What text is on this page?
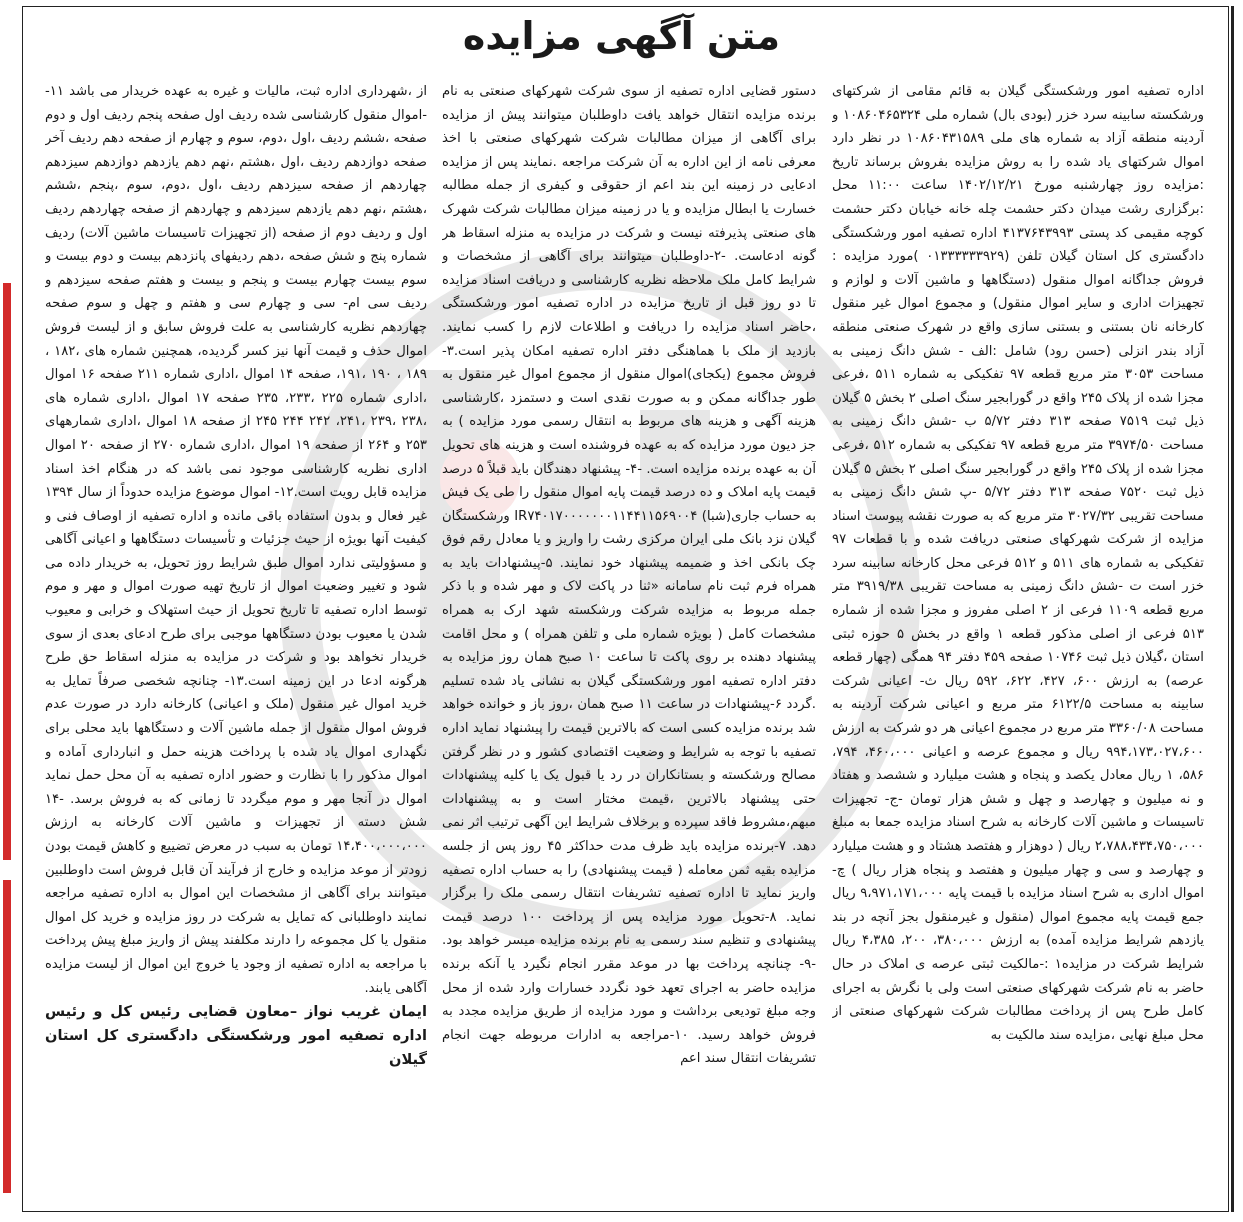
متن آگهی مزایده

اداره تصفیه امور ورشکستگی گیلان به قائم مقامی از شرکتهای ورشکسته سابینه سرد خزر (بودی بال) شماره ملی ۱۰۸۶۰۴۶۵۳۲۴ و آردینه منطقه آزاد به شماره های ملی ۱۰۸۶۰۴۳۱۵۸۹ در نظر دارد اموال شرکتهای یاد شده را به روش مزایده بفروش برساند تاریخ :مزایده روز چهارشنبه مورخ ۱۴۰۲/۱۲/۲۱ ساعت ۱۱:۰۰ محل :برگزاری رشت میدان دکتر حشمت چله خانه خیابان دکتر حشمت کوچه مقیمی کد پستی ۴۱۳۷۶۴۳۹۹۳ اداره تصفیه امور ورشکستگی دادگستری کل استان گیلان تلفن (۰۱۳۳۳۳۳۳۹۲۹ )مورد مزایده : فروش جداگانه اموال منقول (دستگاهها و ماشین آلات و لوازم و تجهیزات اداری و سایر اموال منقول) و مجموع اموال غیر منقول کارخانه نان بستنی و بستنی سازی واقع در شهرک صنعتی منطقه آزاد بندر انزلی (حسن رود) شامل :الف - شش دانگ زمینی به مساحت ۳۰۵۳ متر مربع قطعه ۹۷ تفکیکی به شماره ۵۱۱ ،فرعی مجزا شده از پلاک ۲۴۵ واقع در گورابجیر سنگ اصلی ۲ بخش ۵ گیلان ذیل ثبت ۷۵۱۹ صفحه ۳۱۳ دفتر ۵/۷۲ ب -شش دانگ زمینی به مساحت ۳۹۷۴/۵۰ متر مربع قطعه ۹۷ تفکیکی به شماره ۵۱۲ ،فرعی مجزا شده از پلاک ۲۴۵ واقع در گورابجیر سنگ اصلی ۲ بخش ۵ گیلان ذیل ثبت ۷۵۲۰ صفحه ۳۱۳ دفتر ۵/۷۲ -پ شش دانگ زمینی به مساحت تقریبی ۳۰۲۷/۳۲ متر مربع که به صورت نقشه پیوست اسناد مزایده از شرکت شهرکهای صنعتی دریافت شده و با قطعات ۹۷ تفکیکی به شماره های ۵۱۱ و ۵۱۲ فرعی محل کارخانه سابینه سرد خزر است ت -شش دانگ زمینی به مساحت تقریبی ۳۹۱۹/۳۸ متر مربع قطعه ۱۱۰۹ فرعی از ۲ اصلی مفروز و مجزا شده از شماره ۵۱۳ فرعی از اصلی مذکور قطعه ۱ واقع در بخش ۵ حوزه ثبتی استان ،گیلان ذیل ثبت ۱۰۷۴۶ صفحه ۴۵۹ دفتر ۹۴ همگی (چهار قطعه عرصه) به ارزش ۶۰۰، ۴۲۷، ۶۲۲، ۵۹۲ ریال ث- اعیانی شرکت سابینه به مساحت ۶۱۲۲/۵ متر مربع و اعیانی شرکت آردینه به مساحت ۳۳۶۰/۰۸ متر مربع در مجموع اعیانی هر دو شرکت به ارزش ۹۹۴،۱۷۳،۰۲۷،۶۰۰ ریال و مجموع عرصه و اعیانی ۴۶۰،۰۰۰، ۷۹۴، ۵۸۶، ۱ ریال معادل یکصد و پنجاه و هشت میلیارد و ششصد و هفتاد و نه میلیون و چهارصد و چهل و شش هزار تومان -ج- تجهیزات تاسیسات و ماشین آلات کارخانه به شرح اسناد مزایده جمعا به مبلغ ۲،۷۸۸،۴۳۴،۷۵۰،۰۰۰ ریال ( دوهزار و هفتصد هشتاد و و هشت میلیارد و چهارصد و سی و چهار میلیون و هفتصد و پنجاه هزار ریال ) چ- اموال اداری به شرح اسناد مزایده با قیمت پایه ۹،۹۷۱،۱۷۱،۰۰۰ ریال جمع قیمت پایه مجموع اموال (منقول و غیرمنقول بجز آنچه در بند یازدهم شرایط مزایده آمده) به ارزش ۳۸۰،۰۰۰، ۲۰۰، ۴،۳۸۵ ریال شرایط شرکت در مزایده۱ :-مالکیت ثبتی عرصه ی املاک در حال حاضر به نام شرکت شهرکهای صنعتی است ولی با نگرش به اجرای کامل طرح پس از پرداخت مطالبات شرکت شهرکهای صنعتی از محل مبلغ نهایی ،مزایده سند مالکیت به

دستور قضایی اداره تصفیه از سوی شرکت شهرکهای صنعتی به نام برنده مزایده انتقال خواهد یافت داوطلبان میتوانند پیش از مزایده برای آگاهی از میزان مطالبات شرکت شهرکهای صنعتی با اخذ معرفی نامه از این اداره به آن شرکت مراجعه .نمایند پس از مزایده ادعایی در زمینه این بند اعم از حقوقی و کیفری از جمله مطالبه خسارت یا ابطال مزایده و یا در زمینه میزان مطالبات شرکت شهرک های صنعتی پذیرفته نیست و شرکت در مزایده به منزله اسقاط هر گونه ادعاست. -۲-داوطلبان میتوانند برای آگاهی از مشخصات و شرایط کامل ملک ملاحظه نظریه کارشناسی و دریافت اسناد مزایده تا دو روز قبل از تاریخ مزایده در اداره تصفیه امور ورشکستگی ،حاضر اسناد مزایده را دریافت و اطلاعات لازم را کسب نمایند. بازدید از ملک با هماهنگی دفتر اداره تصفیه امکان پذیر است.۳- فروش مجموع (یکجای)اموال منقول از مجموع اموال غیر منقول به طور جداگانه ممکن و به صورت نقدی است و دستمزد ،کارشناسی هزینه آگهی و هزینه های مربوط به انتقال رسمی مورد مزایده ) به جز دیون مورد مزایده که به عهده فروشنده است و هزینه های تحویل آن به عهده برنده مزایده است. -۴- پیشنهاد دهندگان باید قبلاً ۵ درصد قیمت پایه املاک و ده درصد قیمت پایه اموال منقول را طی یک فیش به حساب جاری(شبا) IR۷۴۰۱۷۰۰۰۰۰۰۰۱۱۴۴۱۱۵۶۹۰۰۴ ورشکستگان گیلان نزد بانک ملی ایران مرکزی رشت را واریز و یا معادل رقم فوق چک بانکی اخذ و ضمیمه پیشنهاد خود نمایند. ۵-پیشنهادات باید به همراه فرم ثبت نام سامانه «ثنا در پاکت لاک و مهر شده و با ذکر جمله مربوط به مزایده شرکت ورشکسته شهد ارک به همراه مشخصات کامل ( بویژه شماره ملی و تلفن همراه ) و محل اقامت پیشنهاد دهنده بر روی پاکت تا ساعت ۱۰ صبح همان روز مزایده به دفتر اداره تصفیه امور ورشکستگی گیلان به نشانی یاد شده تسلیم .گردد ۶-پیشنهادات در ساعت ۱۱ صبح همان ،روز باز و خوانده خواهد شد برنده مزایده کسی است که بالاترین قیمت را پیشنهاد نماید اداره تصفیه با توجه به شرایط و وضعیت اقتصادی کشور و در نظر گرفتن مصالح ورشکسته و بستانکاران در رد یا قبول یک یا کلیه پیشنهادات حتی پیشنهاد بالاترین ،قیمت مختار است و به پیشنهادات مبهم،مشروط فاقد سپرده و برخلاف شرایط این آگهی ترتیب اثر نمی دهد. ۷-برنده مزایده باید ظرف مدت حداکثر ۴۵ روز پس از جلسه مزایده بقیه ثمن معامله ( قیمت پیشنهادی) را به حساب اداره تصفیه واریز نماید تا اداره تصفیه تشریفات انتقال رسمی ملک را برگزار نماید. ۸-تحویل مورد مزایده پس از پرداخت ۱۰۰ درصد قیمت پیشنهادی و تنظیم سند رسمی به نام برنده مزایده میسر خواهد بود. -۹- چنانچه پرداخت بها در موعد مقرر انجام نگیرد یا آنکه برنده مزایده حاضر به اجرای تعهد خود نگردد خسارات وارد شده از محل وجه مبلغ تودیعی برداشت و مورد مزایده از طریق مزایده مجدد به فروش خواهد رسید. ۱۰-مراجعه به ادارات مربوطه جهت انجام تشریفات انتقال سند اعم

از ،شهرداری اداره ثبت، مالیات و غیره به عهده خریدار می باشد ۱۱- -اموال منقول کارشناسی شده ردیف اول صفحه پنجم ردیف اول و دوم صفحه ،ششم ردیف ،اول ،دوم، سوم و چهارم از صفحه دهم ردیف آخر صفحه دوازدهم ردیف ،اول ،هشتم ،نهم دهم یازدهم دوازدهم سیزدهم چهاردهم از صفحه سیزدهم ردیف ،اول ،دوم، سوم ،پنجم ،ششم ،هشتم ،نهم دهم یازدهم سیزدهم و چهاردهم از صفحه چهاردهم ردیف اول و ردیف دوم از صفحه (از تجهیزات تاسیسات ماشین آلات) ردیف شماره پنج و شش صفحه ،دهم ردیفهای پانزدهم بیست و دوم بیست و سوم بیست چهارم بیست و پنجم و بیست و هفتم صفحه سیزدهم و ردیف سی ام- سی و چهارم سی و هفتم و چهل و سوم صفحه چهاردهم نظریه کارشناسی به علت فروش سابق و از لیست فروش اموال حذف و قیمت آنها نیز کسر گردیده، همچنین شماره های ،۱۸۲ ، ۱۸۹ ، ۱۹۰ ،۱۹۱، صفحه ۱۴ اموال ،اداری شماره ۲۱۱ صفحه ۱۶ اموال ،اداری شماره ۲۲۵ ،۲۳۳، ۲۳۵ صفحه ۱۷ اموال ،اداری شماره های ،۲۳۸ ،۲۳۹ ،۲۴۱، ۲۴۲ ۲۴۴ ۲۴۵ از صفحه ۱۸ اموال ،اداری شمارههای ۲۵۳ و ۲۶۴ از صفحه ۱۹ اموال ،اداری شماره ۲۷۰ از صفحه ۲۰ اموال اداری نظریه کارشناسی موجود نمی باشد که در هنگام اخذ اسناد مزایده قابل رویت است.۱۲- اموال موضوع مزایده حدوداً از سال ۱۳۹۴ غیر فعال و بدون استفاده باقی مانده و اداره تصفیه از اوصاف فنی و کیفیت آنها بویژه از حیث جزئیات و تأسیسات دستگاهها و اعیانی آگاهی و مسؤولیتی ندارد اموال طبق شرایط روز تحویل، به خریدار داده می شود و تغییر وضعیت اموال از تاریخ تهیه صورت اموال و مهر و موم توسط اداره تصفیه تا تاریخ تحویل از حیث استهلاک و خرابی و معیوب شدن یا معیوب بودن دستگاهها موجبی برای طرح ادعای بعدی از سوی خریدار نخواهد بود و شرکت در مزایده به منزله اسقاط حق طرح هرگونه ادعا در این زمینه است.۱۳- چنانچه شخصی صرفاً تمایل به خرید اموال غیر منقول (ملک و اعیانی) کارخانه دارد در صورت عدم فروش اموال منقول از جمله ماشین آلات و دستگاهها باید محلی برای نگهداری اموال یاد شده با پرداخت هزینه حمل و انبارداری آماده و اموال مذکور را با نظارت و حضور اداره تصفیه به آن محل حمل نماید اموال در آنجا مهر و موم میگردد تا زمانی که به فروش برسد. -۱۴ شش دسته از تجهیزات و ماشین آلات کارخانه به ارزش ۱۴،۴۰۰،۰۰۰،۰۰۰ تومان به سبب در معرض تضییع و کاهش قیمت بودن زودتر از موعد مزایده و خارج از فرآیند آن قابل فروش است داوطلبین میتوانند برای آگاهی از مشخصات این اموال به اداره تصفیه مراجعه نمایند داوطلبانی که تمایل به شرکت در روز مزایده و خرید کل اموال منقول یا کل مجموعه را دارند مکلفند پیش از واریز مبلغ پیش پرداخت با مراجعه به اداره تصفیه از وجود یا خروج این اموال از لیست مزایده آگاهی یابند.

ایمان غریب نواز –معاون قضایی رئیس کل و رئیس اداره تصفیه امور ورشکستگی دادگستری کل استان گیلان
